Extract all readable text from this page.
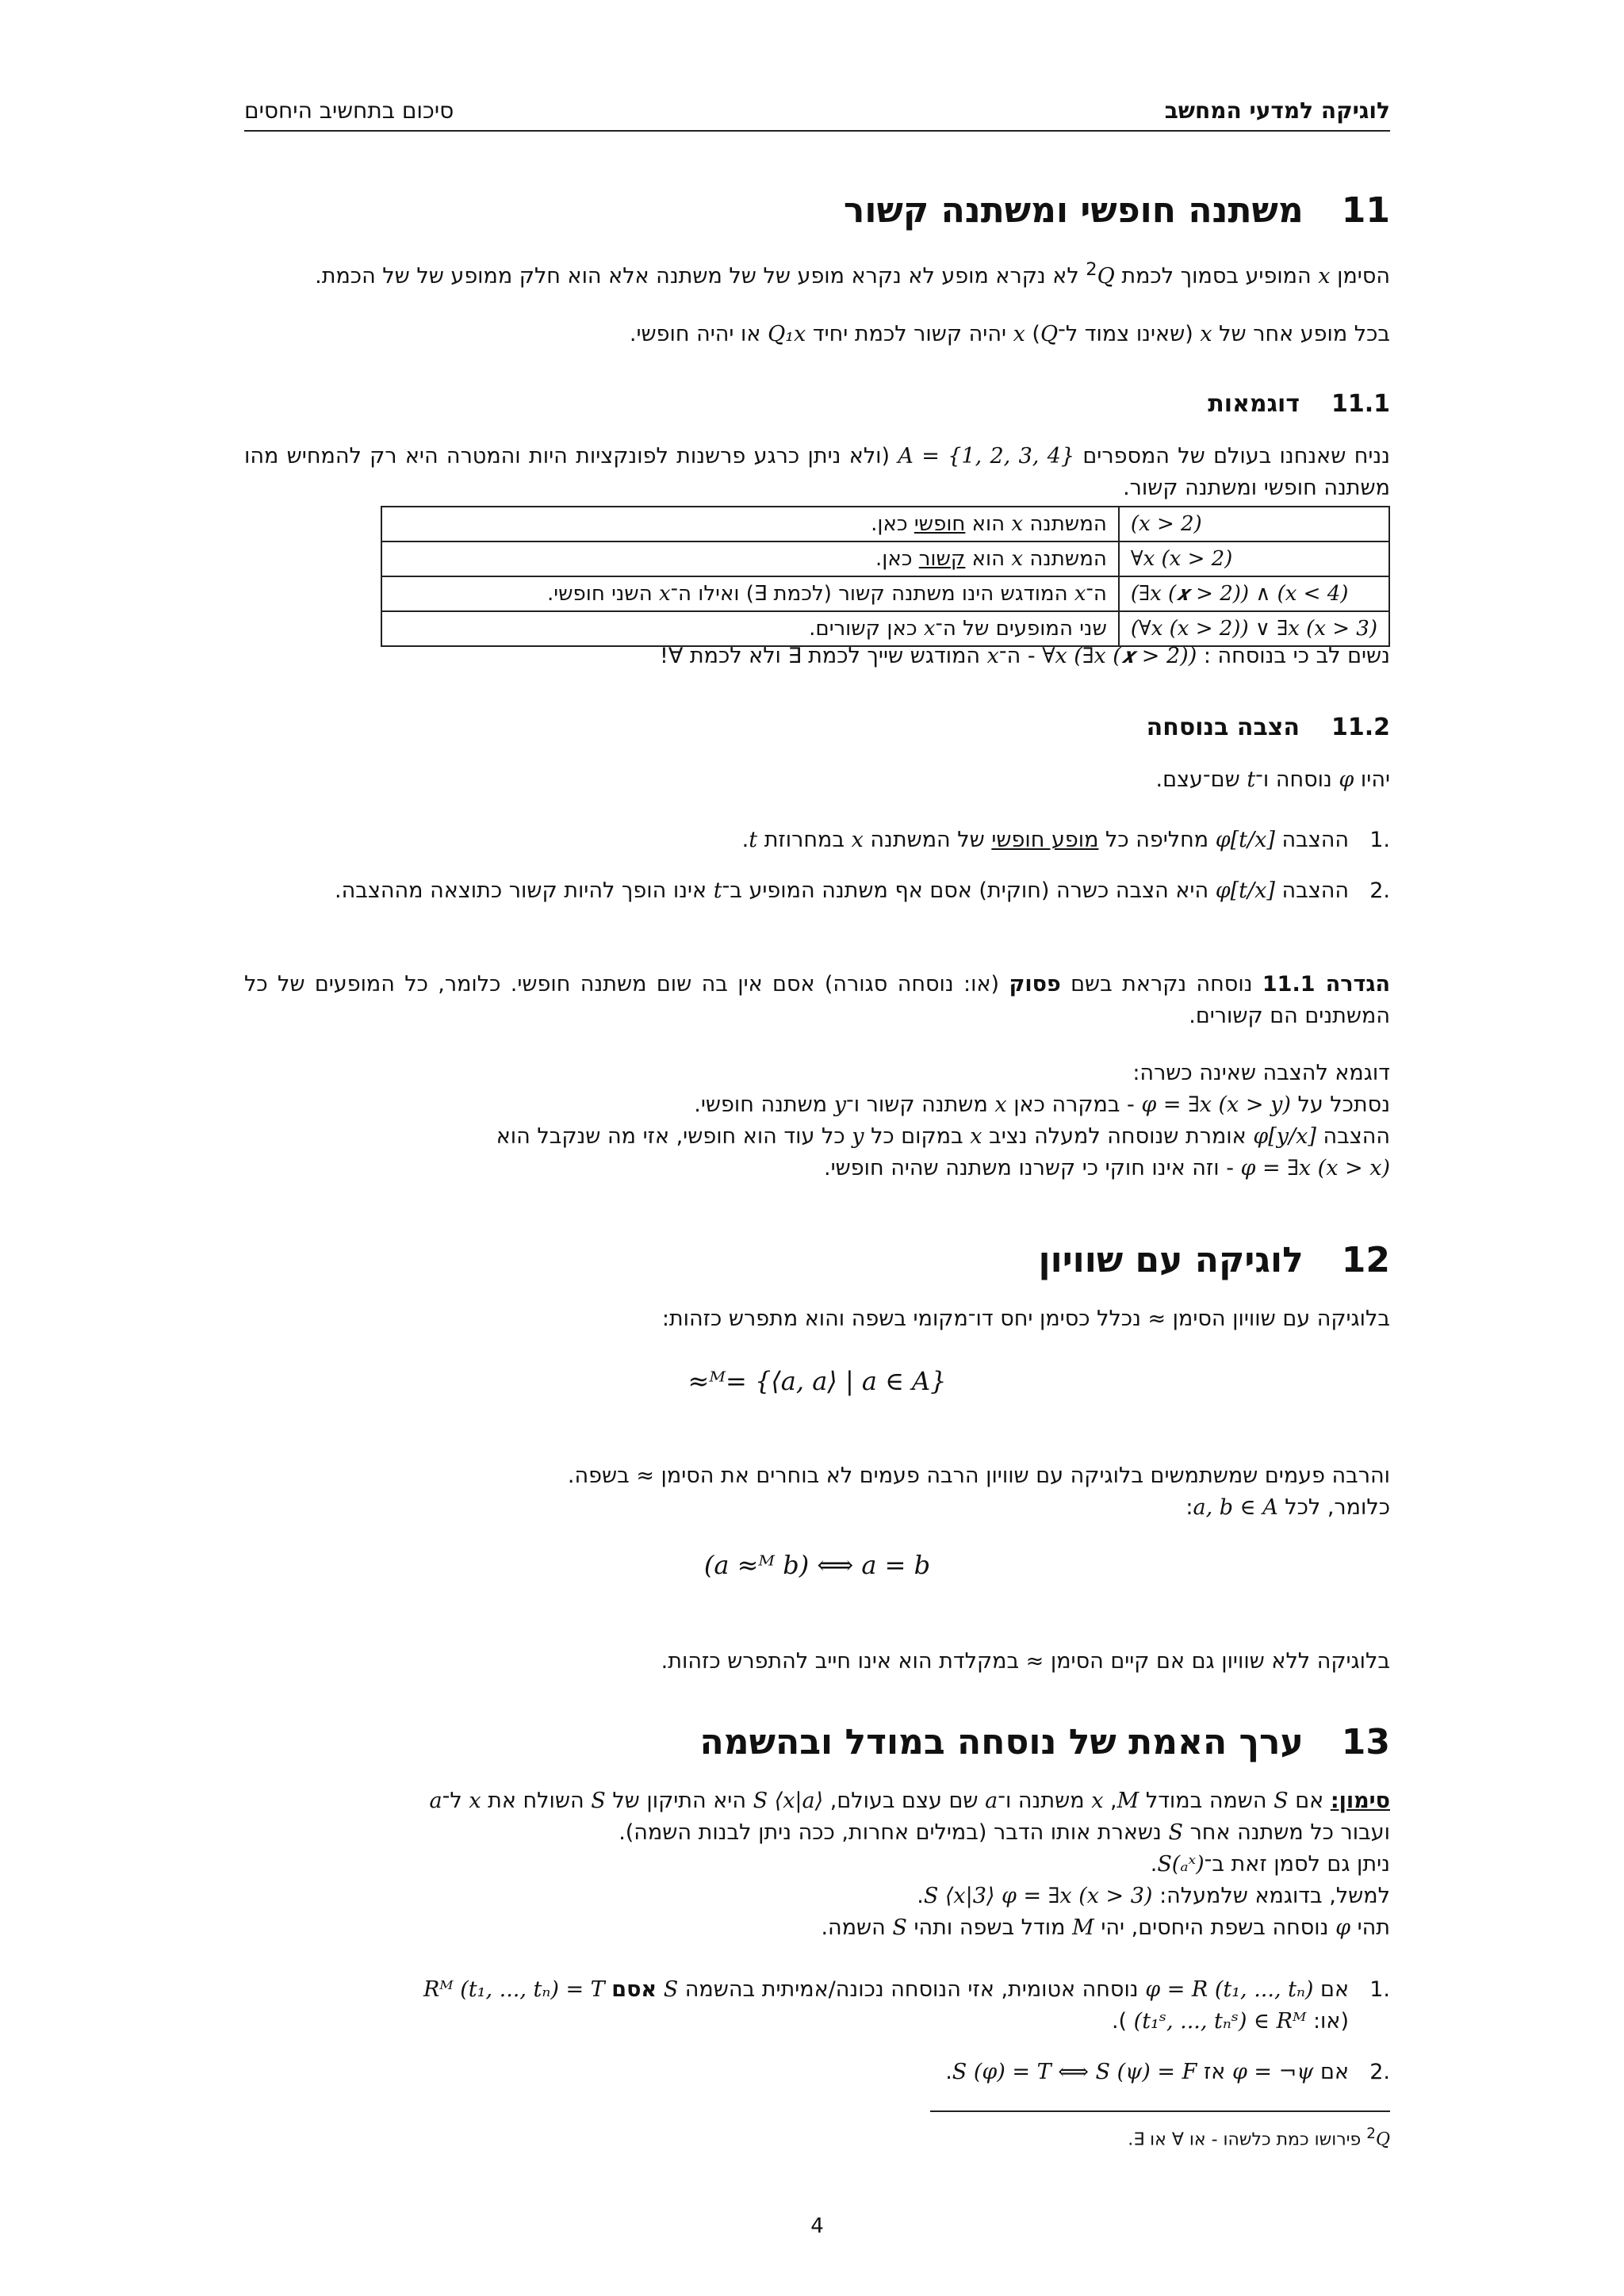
לוגיקה למדעי המחשב
סיכום בתחשיב היחסים
11משתנה חופשי ומשתנה קשור
הסימן x המופיע בסמוך לכמת $Q^2$ לא נקרא מופע לא נקרא מופע של של משתנה אלא הוא חלק ממופע של של הכמת.
בכל מופע אחר של x (שאינו צמוד ל־Q) x יהיה קשור לכמת יחיד Q₁x או יהיה חופשי.
11.1דוגמאות
נניח שאנחנו בעולם של המספרים A = {1, 2, 3, 4} (ולא ניתן כרגע פרשנות לפונקציות היות והמטרה היא רק להמחיש מהו משתנה חופשי ומשתנה קשור.
(x > 2)	המשתנה x הוא חופשי כאן.
∀x (x > 2)	המשתנה x הוא קשור כאן.
(∃x (𝒙 > 2)) ∧ (x < 4)	ה־x המודגש הינו משתנה קשור (לכמת ∃) ואילו ה־x השני חופשי.
(∀x (x > 2)) ∨ ∃x (x > 3)	שני המופעים של ה־x כאן קשורים.
נשים לב כי בנוסחה : ∀x (∃x (𝒙 > 2)) - ה־x המודגש שייך לכמת ∃ ולא לכמת ∀!
11.2הצבה בנוסחה
יהיו φ נוסחה ו־t שם־עצם.
.1
ההצבה φ[t/x] מחליפה כל מופע חופשי של המשתנה x במחרוזת t.
.2
ההצבה φ[t/x] היא הצבה כשרה (חוקית) אסם אף משתנה המופיע ב־t אינו הופך להיות קשור כתוצאה מההצבה.
הגדרה 11.1 נוסחה נקראת בשם פסוק (או: נוסחה סגורה) אסם אין בה שום משתנה חופשי. כלומר, כל המופעים של כל המשתנים הם קשורים.
דוגמא להצבה שאינה כשרה:
נסתכל על φ = ∃x (x > y) - במקרה כאן x משתנה קשור ו־y משתנה חופשי.
ההצבה φ[y/x] אומרת שנוסחה למעלה נציב x במקום כל y כל עוד הוא חופשי, אזי מה שנקבל הוא
φ = ∃x (x > x) - וזה אינו חוקי כי קשרנו משתנה שהיה חופשי.
12לוגיקה עם שוויון
בלוגיקה עם שוויון הסימן ≈ נכלל כסימן יחס דו־מקומי בשפה והוא מתפרש כזהות:
≈ᴹ= {⟨a, a⟩ | a ∈ A}
והרבה פעמים שמשתמשים בלוגיקה עם שוויון הרבה פעמים לא בוחרים את הסימן ≈ בשפה.
כלומר, לכל a, b ∈ A:
(a ≈ᴹ b) ⟺ a = b
בלוגיקה ללא שוויון גם אם קיים הסימן ≈ במקלדת הוא אינו חייב להתפרש כזהות.
13ערך האמת של נוסחה במודל ובהשמה
סימון: אם S השמה במודל M, x משתנה ו־a שם עצם בעולם, S ⟨x|a⟩ היא התיקון של S השולח את x ל־a
ועבור כל משתנה אחר S נשארת אותו הדבר (במילים אחרות, ככה ניתן לבנות השמה).
ניתן גם לסמן זאת ב־S(ₐˣ).
למשל, בדוגמא שלמעלה: S ⟨x|3⟩ φ = ∃x (x > 3).
תהי φ נוסחה בשפת היחסים, יהי M מודל בשפה ותהי S השמה.
.1
אם φ = R (t₁, ..., tₙ) נוסחה אטומית, אזי הנוסחה נכונה/אמיתית בהשמה S אסם Rᴹ (t₁, ..., tₙ) = T
(או: (t₁ˢ, ..., tₙˢ) ∈ Rᴹ ).
.2
אם φ = ¬ψ אז S (φ) = T ⟺ S (ψ) = F.
$Q^2$ פירושו כמת כלשהו - או ∀ או ∃.
4
